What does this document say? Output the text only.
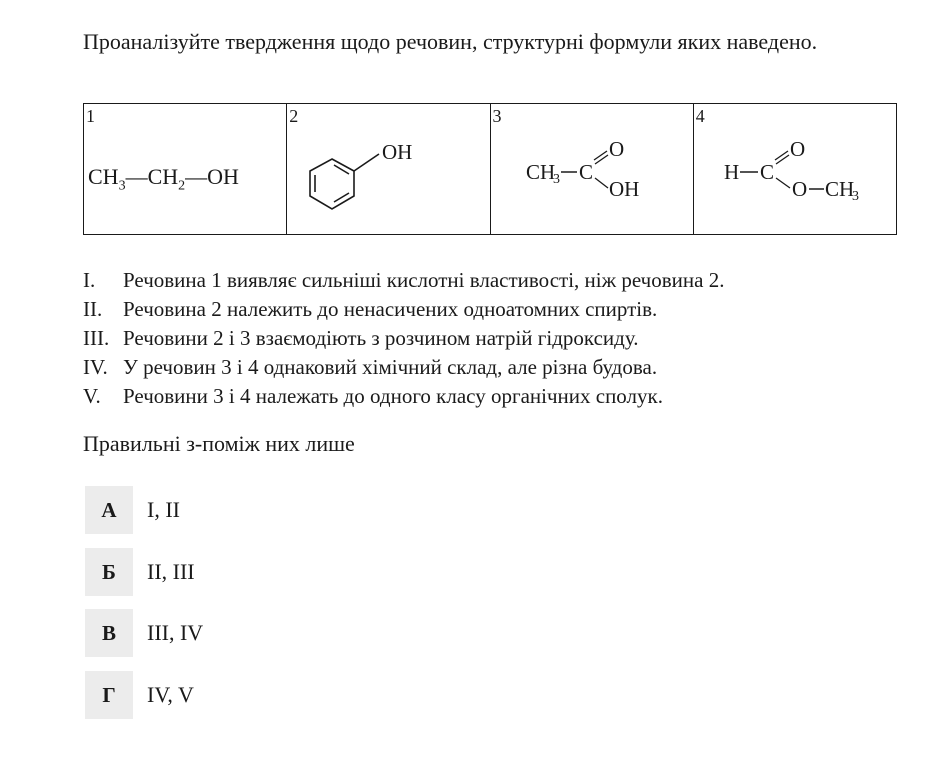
Проаналізуйте твердження щодо речовин, структурні формули яких наведено.
1
$CH_3—CH_2—OH$

2
OH

3
CH
3 C
O
OH

4
H C
O
O CH
3
I.	Речовина 1 виявляє сильніші кислотні властивості, ніж речовина 2.
II. Речовина 2 належить до ненасичених одноатомних спиртів.
III. Речовини 2 і 3 взаємодіють з розчином натрій гідроксиду.
IV. У речовин 3 і 4 однаковий хімічний склад, але різна будова.
V.	Речовини 3 і 4 належать до одного класу органічних сполук.
Правильні з-поміж них лише
А	I, II
Б	II, III
В	III, IV
Г	IV, V
